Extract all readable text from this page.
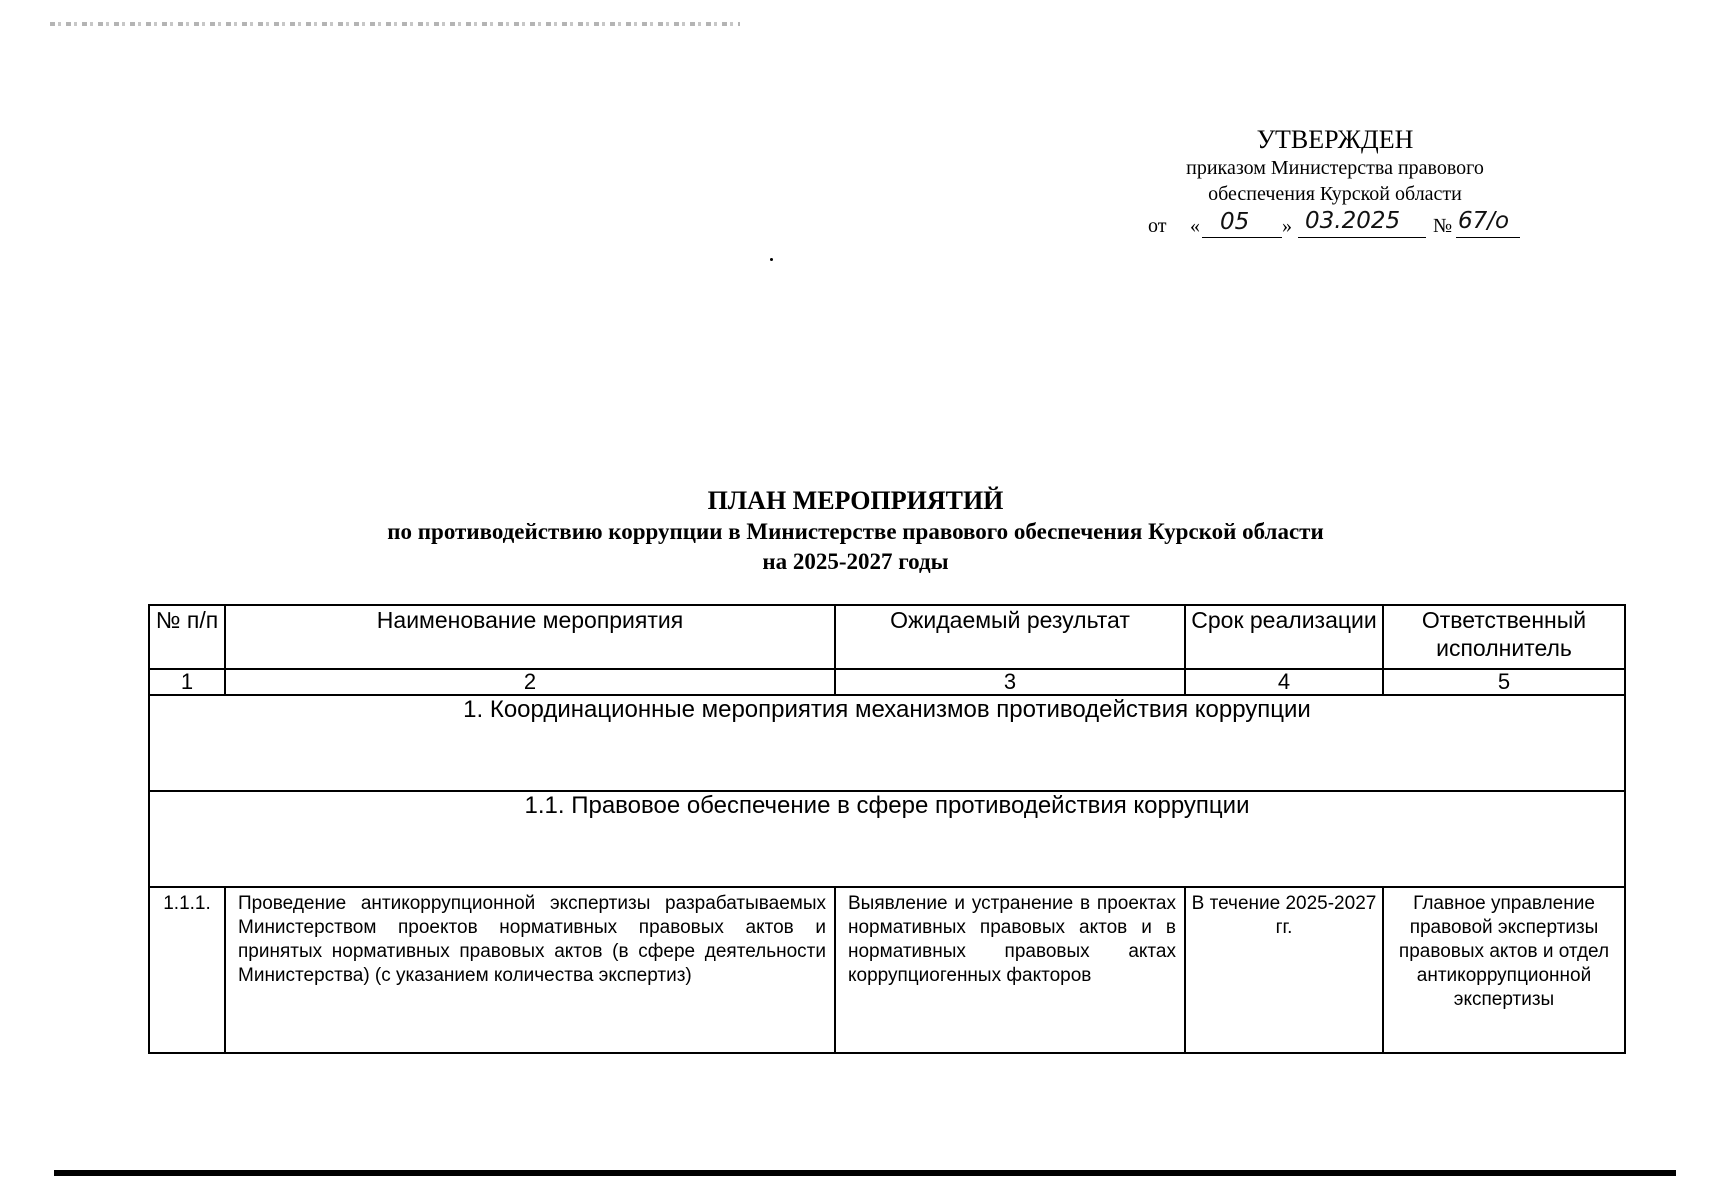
УТВЕРЖДЕН
приказом Министерства правового
обеспечения Курской области
от « 05 » 03.2025 № 67/о
ПЛАН МЕРОПРИЯТИЙ
по противодействию коррупции в Министерстве правового обеспечения Курской области
на 2025-2027 годы
№ п/п	Наименование мероприятия	Ожидаемый результат	Срок реализации	Ответственный исполнитель
1	2	3	4	5
1. Координационные мероприятия механизмов противодействия коррупции				
1.1. Правовое обеспечение в сфере противодействия коррупции				
1.1.1.	Проведение антикоррупционной экспертизы разрабатываемых Министерством проектов нормативных правовых актов и принятых нормативных правовых актов (в сфере деятельности Министерства) (с указанием количества экспертиз)	Выявление и устранение в проектах нормативных правовых актов и в нормативных правовых актах коррупциогенных факторов	В течение 2025-2027 гг.	Главное управление правовой экспертизы правовых актов и отдел антикоррупционной экспертизы
